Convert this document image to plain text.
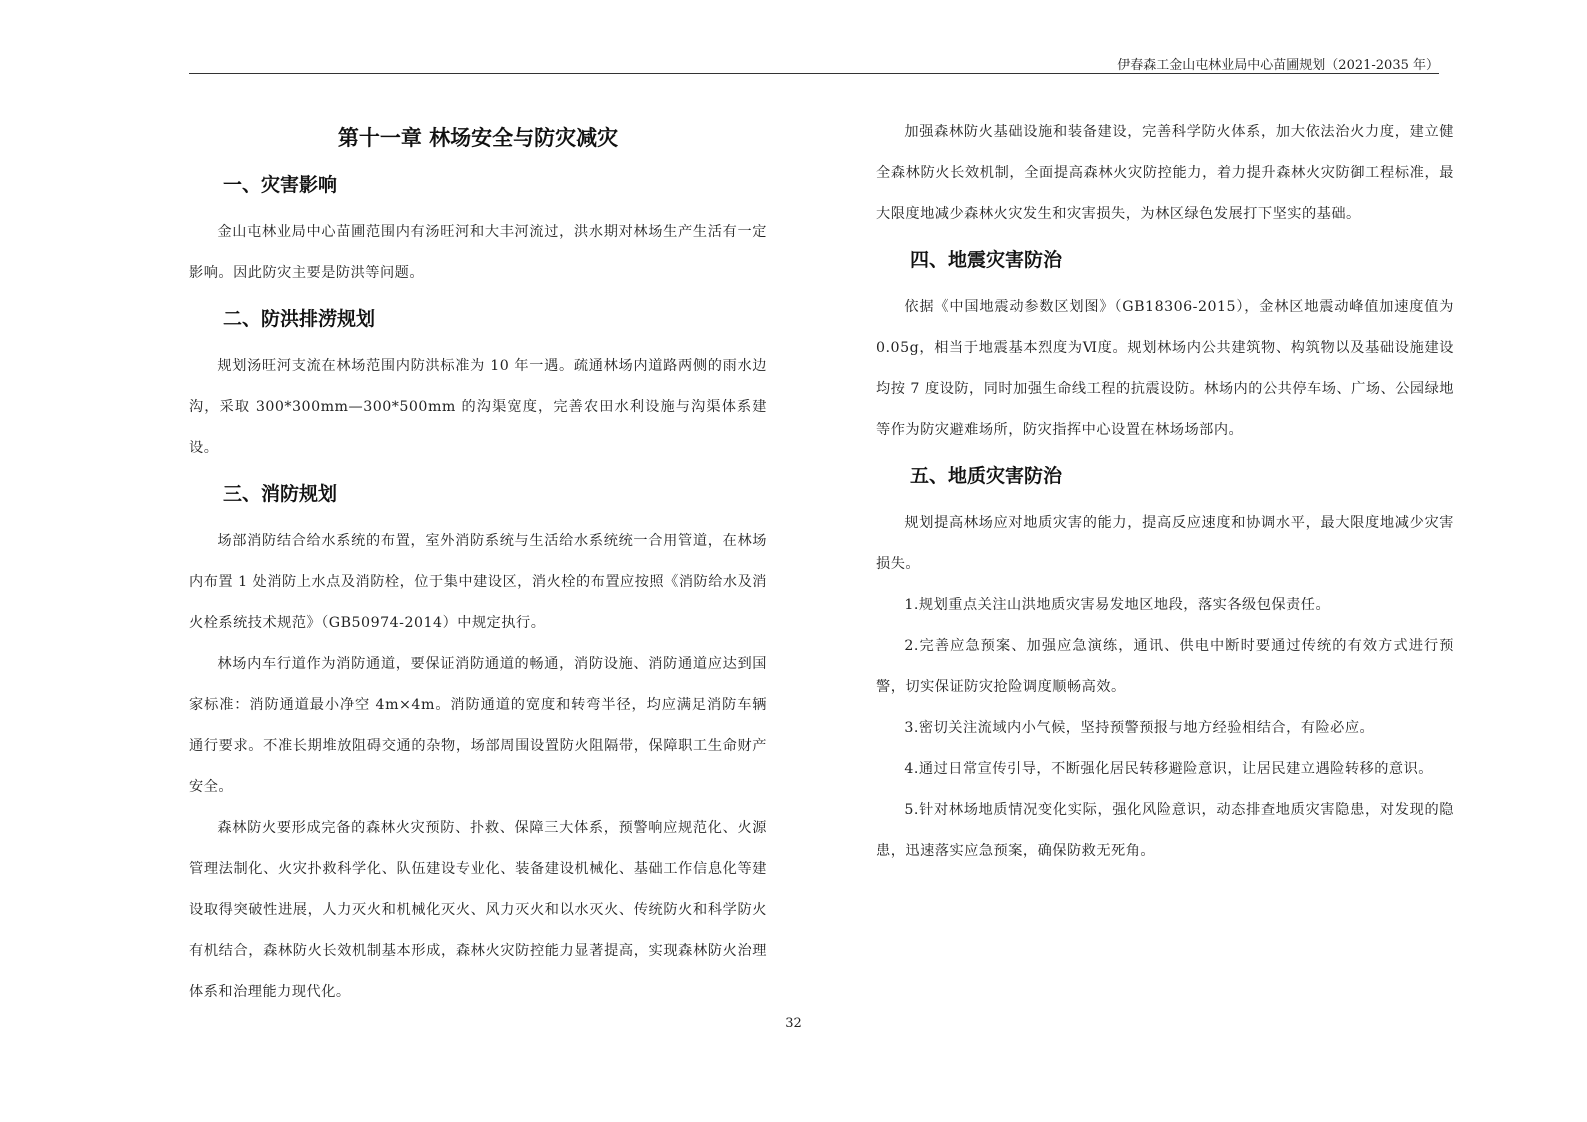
伊春森工金山屯林业局中心苗圃规划（2021-2035 年）
第十一章 林场安全与防灾减灾
一、灾害影响

金山屯林业局中心苗圃范围内有汤旺河和大丰河流过，洪水期对林场生产生活有一定影响。因此防灾主要是防洪等问题。

二、防洪排涝规划

规划汤旺河支流在林场范围内防洪标准为 10 年一遇。疏通林场内道路两侧的雨水边沟，采取 300*300mm—300*500mm 的沟渠宽度，完善农田水利设施与沟渠体系建设。

三、消防规划

场部消防结合给水系统的布置，室外消防系统与生活给水系统统一合用管道，在林场内布置 1 处消防上水点及消防栓，位于集中建设区，消火栓的布置应按照《消防给水及消火栓系统技术规范》（GB50974-2014）中规定执行。

林场内车行道作为消防通道，要保证消防通道的畅通，消防设施、消防通道应达到国家标准：消防通道最小净空 4m×4m。消防通道的宽度和转弯半径，均应满足消防车辆通行要求。不准长期堆放阻碍交通的杂物，场部周围设置防火阻隔带，保障职工生命财产安全。

森林防火要形成完备的森林火灾预防、扑救、保障三大体系，预警响应规范化、火源管理法制化、火灾扑救科学化、队伍建设专业化、装备建设机械化、基础工作信息化等建设取得突破性进展，人力灭火和机械化灭火、风力灭火和以水灭火、传统防火和科学防火有机结合，森林防火长效机制基本形成，森林火灾防控能力显著提高，实现森林防火治理体系和治理能力现代化。

加强森林防火基础设施和装备建设，完善科学防火体系，加大依法治火力度，建立健全森林防火长效机制，全面提高森林火灾防控能力，着力提升森林火灾防御工程标准，最大限度地减少森林火灾发生和灾害损失，为林区绿色发展打下坚实的基础。

四、地震灾害防治

依据《中国地震动参数区划图》（GB18306-2015），金林区地震动峰值加速度值为 0.05g，相当于地震基本烈度为Ⅵ度。规划林场内公共建筑物、构筑物以及基础设施建设均按 7 度设防，同时加强生命线工程的抗震设防。林场内的公共停车场、广场、公园绿地等作为防灾避难场所，防灾指挥中心设置在林场场部内。

五、地质灾害防治

规划提高林场应对地质灾害的能力，提高反应速度和协调水平，最大限度地减少灾害损失。

1.规划重点关注山洪地质灾害易发地区地段，落实各级包保责任。

2.完善应急预案、加强应急演练，通讯、供电中断时要通过传统的有效方式进行预警，切实保证防灾抢险调度顺畅高效。

3.密切关注流域内小气候，坚持预警预报与地方经验相结合，有险必应。

4.通过日常宣传引导，不断强化居民转移避险意识，让居民建立遇险转移的意识。

5.针对林场地质情况变化实际，强化风险意识，动态排查地质灾害隐患，对发现的隐患，迅速落实应急预案，确保防救无死角。

32
